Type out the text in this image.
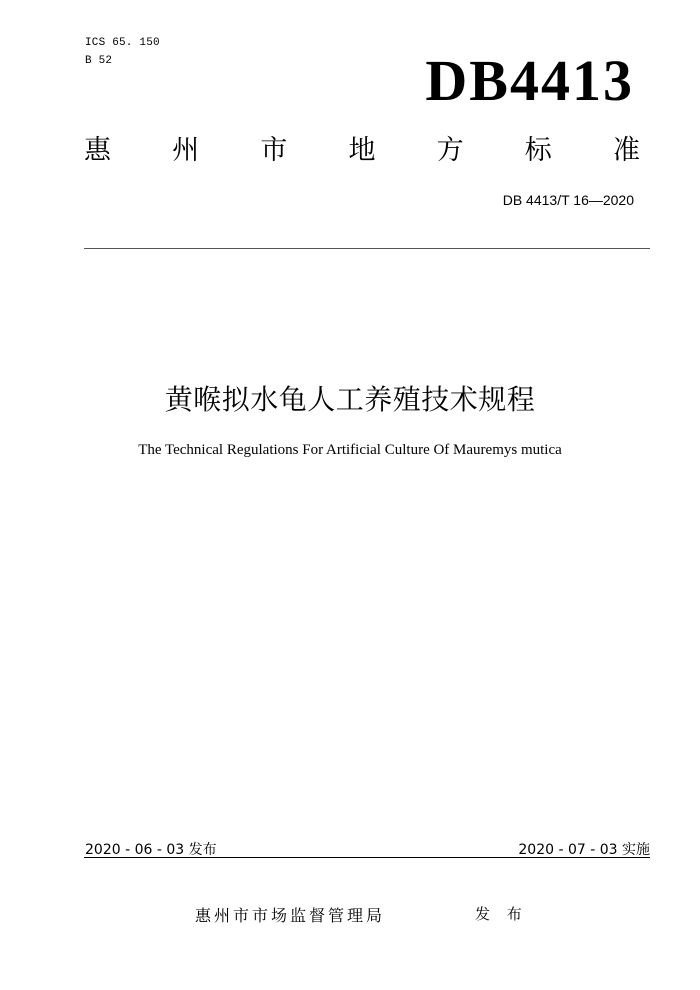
ICS 65. 150
B 52	DB4413
惠 州 市 地 方 标 准
DB 4413/T 16—2020
黄喉拟水龟人工养殖技术规程
The Technical Regulations For Artificial Culture Of Mauremys mutica
2020 - 06 - 03 发布	2020 - 07 - 03 实施
惠州市市场监督管理局	发 布
